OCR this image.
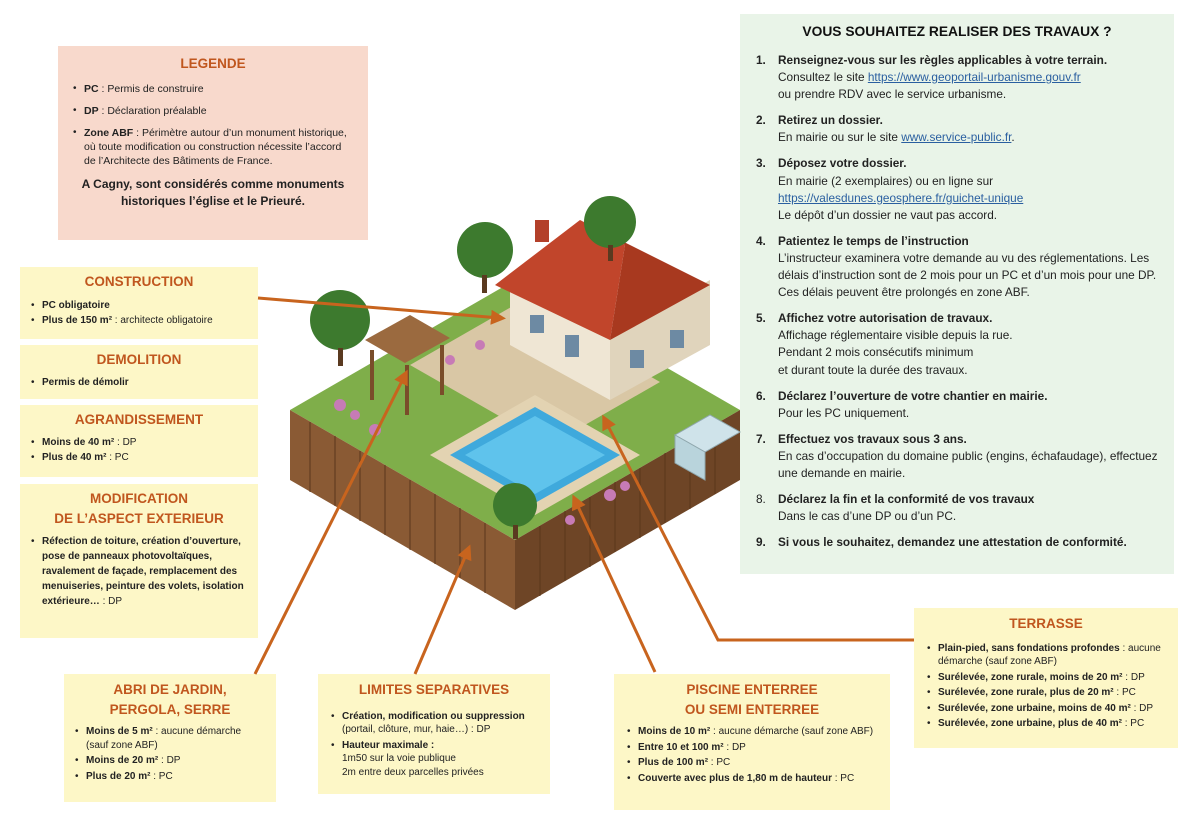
LEGENDE
• PC : Permis de construire
• DP : Déclaration préalable
• Zone ABF : Périmètre autour d’un monument historique, où toute modification ou construction nécessite l’accord de l’Architecte des Bâtiments de France.
A Cagny, sont considérés comme monuments historiques l’église et le Prieuré.
VOUS SOUHAITEZ REALISER DES TRAVAUX ?
1. Renseignez-vous sur les règles applicables à votre terrain.
Consultez le site https://www.geoportail-urbanisme.gouv.fr
ou prendre RDV avec le service urbanisme.
2. Retirez un dossier.
En mairie ou sur le site www.service-public.fr.
3. Déposez votre dossier.
En mairie (2 exemplaires) ou en ligne sur
https://valesdunes.geosphere.fr/guichet-unique
Le dépôt d’un dossier ne vaut pas accord.
4. Patientez le temps de l’instruction
L’instructeur examinera votre demande au vu des réglementations. Les délais d’instruction sont de 2 mois pour un PC et d’un mois pour une DP. Ces délais peuvent être prolongés en zone ABF.
5. Affichez votre autorisation de travaux.
Affichage réglementaire visible depuis la rue.
Pendant 2 mois consécutifs minimum
et durant toute la durée des travaux.
6. Déclarez l’ouverture de votre chantier en mairie.
Pour les PC uniquement.
7. Effectuez vos travaux sous 3 ans.
En cas d’occupation du domaine public (engins, échafaudage), effectuez une demande en mairie.
8. Déclarez la fin et la conformité de vos travaux
Dans le cas d’une DP ou d’un PC.
9. Si vous le souhaitez, demandez une attestation de conformité.
CONSTRUCTION
• PC obligatoire
• Plus de 150 m² : architecte obligatoire
DEMOLITION
• Permis de démolir
AGRANDISSEMENT
• Moins de 40 m² : DP
• Plus de 40 m² : PC
MODIFICATION
DE L’ASPECT EXTERIEUR
• Réfection de toiture, création d’ouverture, pose de panneaux photovoltaïques, ravalement de façade, remplacement des menuiseries, peinture des volets, isolation extérieure… : DP
ABRI DE JARDIN,
PERGOLA, SERRE
• Moins de 5 m² : aucune démarche (sauf zone ABF)
• Moins de 20 m² : DP
• Plus de 20 m² : PC
LIMITES SEPARATIVES
• Création, modification ou suppression
(portail, clôture, mur, haie…) : DP
• Hauteur maximale :
1m50 sur la voie publique
2m entre deux parcelles privées
PISCINE ENTERREE
OU SEMI ENTERREE
• Moins de 10 m² : aucune démarche (sauf zone ABF)
• Entre 10 et 100 m² : DP
• Plus de 100 m² : PC
• Couverte avec plus de 1,80 m de hauteur : PC
TERRASSE
• Plain-pied, sans fondations profondes : aucune démarche (sauf zone ABF)
• Surélevée, zone rurale, moins de 20 m² : DP
• Surélevée, zone rurale, plus de 20 m² : PC
• Surélevée, zone urbaine, moins de 40 m² : DP
• Surélevée, zone urbaine, plus de 40 m² : PC
